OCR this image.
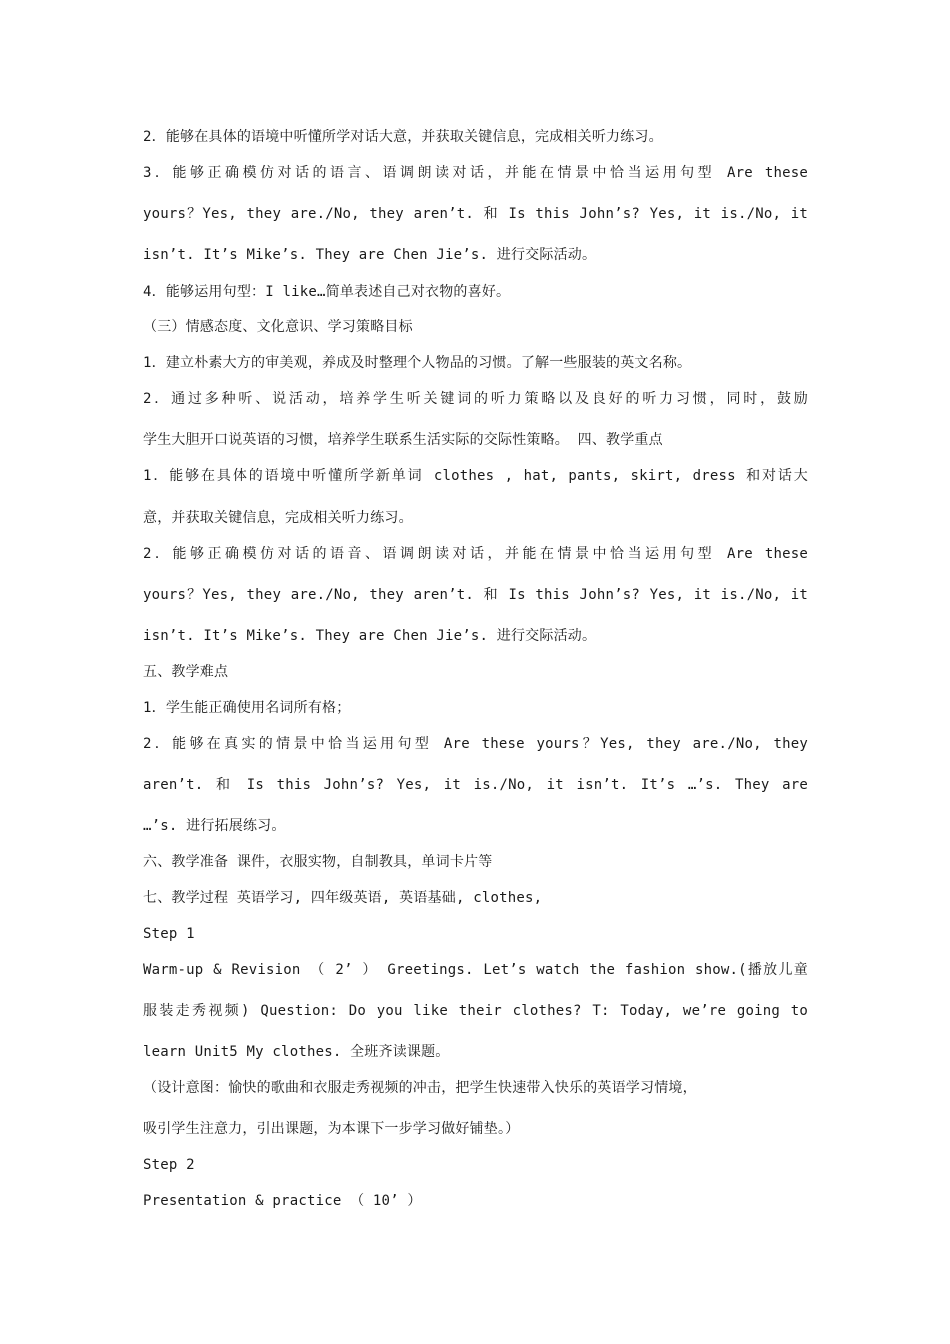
2．能够在具体的语境中听懂所学对话大意，并获取关键信息，完成相关听力练习。
3．能够正确模仿对话的语言、语调朗读对话，并能在情景中恰当运用句型 Are these
yours？Yes, they are./No, they aren’t. 和 Is this John’s? Yes, it is./No, it
isn’t. It’s Mike’s. They are Chen Jie’s. 进行交际活动。
4．能够运用句型：I like…简单表述自己对衣物的喜好。
（三）情感态度、文化意识、学习策略目标
1．建立朴素大方的审美观，养成及时整理个人物品的习惯。了解一些服装的英文名称。
2．通过多种听、说活动，培养学生听关键词的听力策略以及良好的听力习惯，同时，鼓励
学生大胆开口说英语的习惯，培养学生联系生活实际的交际性策略。 四、教学重点
1．能够在具体的语境中听懂所学新单词 clothes , hat, pants, skirt, dress 和对话大
意，并获取关键信息，完成相关听力练习。
2．能够正确模仿对话的语音、语调朗读对话，并能在情景中恰当运用句型 Are these
yours？Yes, they are./No, they aren’t. 和 Is this John’s? Yes, it is./No, it
isn’t. It’s Mike’s. They are Chen Jie’s. 进行交际活动。
五、教学难点
1．学生能正确使用名词所有格；
2．能够在真实的情景中恰当运用句型 Are these yours？Yes, they are./No, they
aren’t. 和 Is this John’s? Yes, it is./No, it isn’t. It’s …’s. They are
…’s. 进行拓展练习。
六、教学准备 课件，衣服实物，自制教具，单词卡片等
七、教学过程 英语学习, 四年级英语, 英语基础, clothes,
Step 1
Warm-up & Revision （ 2’ ） Greetings. Let’s watch the fashion show.(播放儿童
服装走秀视频) Question: Do you like their clothes? T: Today, we’re going to
learn Unit5 My clothes. 全班齐读课题。
（设计意图：愉快的歌曲和衣服走秀视频的冲击，把学生快速带入快乐的英语学习情境，
吸引学生注意力，引出课题，为本课下一步学习做好铺垫。）
Step 2
Presentation & practice （ 10’ ）
